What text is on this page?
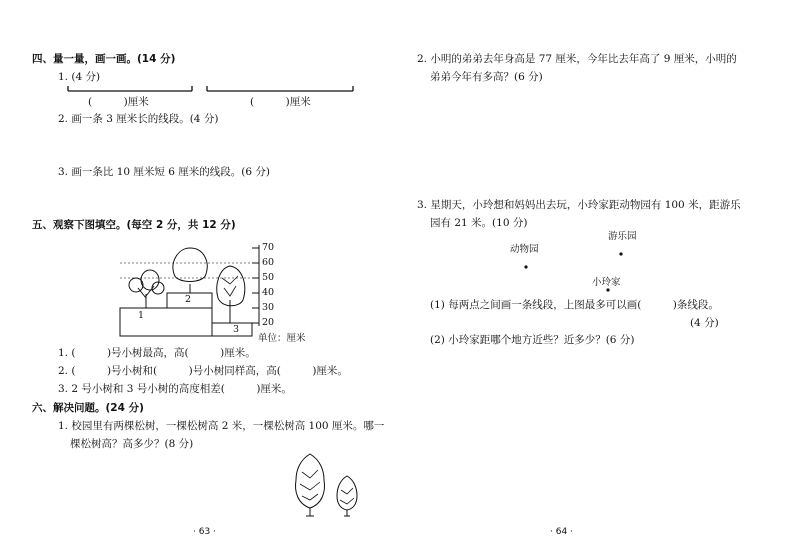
四、量一量，画一画。(14 分)
1. (4 分)
(　　　)厘米	(　　　)厘米
2. 画一条 3 厘米长的线段。(4 分)
3. 画一条比 10 厘米短 6 厘米的线段。(6 分)
五、观察下图填空。(每空 2 分，共 12 分)
1
2
3
70
60
50
40
30
20
单位：厘米
1. (　　　)号小树最高，高(　　　)厘米。
2. (　　　)号小树和(　　　)号小树同样高，高(　　　)厘米。
3. 2 号小树和 3 号小树的高度相差(　　　)厘米。
六、解决问题。(24 分)
1. 校园里有两棵松树，一棵松树高 2 米，一棵松树高 100 厘米。哪一
棵松树高？高多少？(8 分)
· 63 ·
2. 小明的弟弟去年身高是 77 厘米，今年比去年高了 9 厘米，小明的
弟弟今年有多高？(6 分)
3. 星期天，小玲想和妈妈出去玩，小玲家距动物园有 100 米，距游乐
园有 21 米。(10 分)
游乐园
动物园
小玲家
(1) 每两点之间画一条线段，上图最多可以画(　　　)条线段。
(4 分)
(2) 小玲家距哪个地方近些？近多少？(6 分)
· 64 ·
